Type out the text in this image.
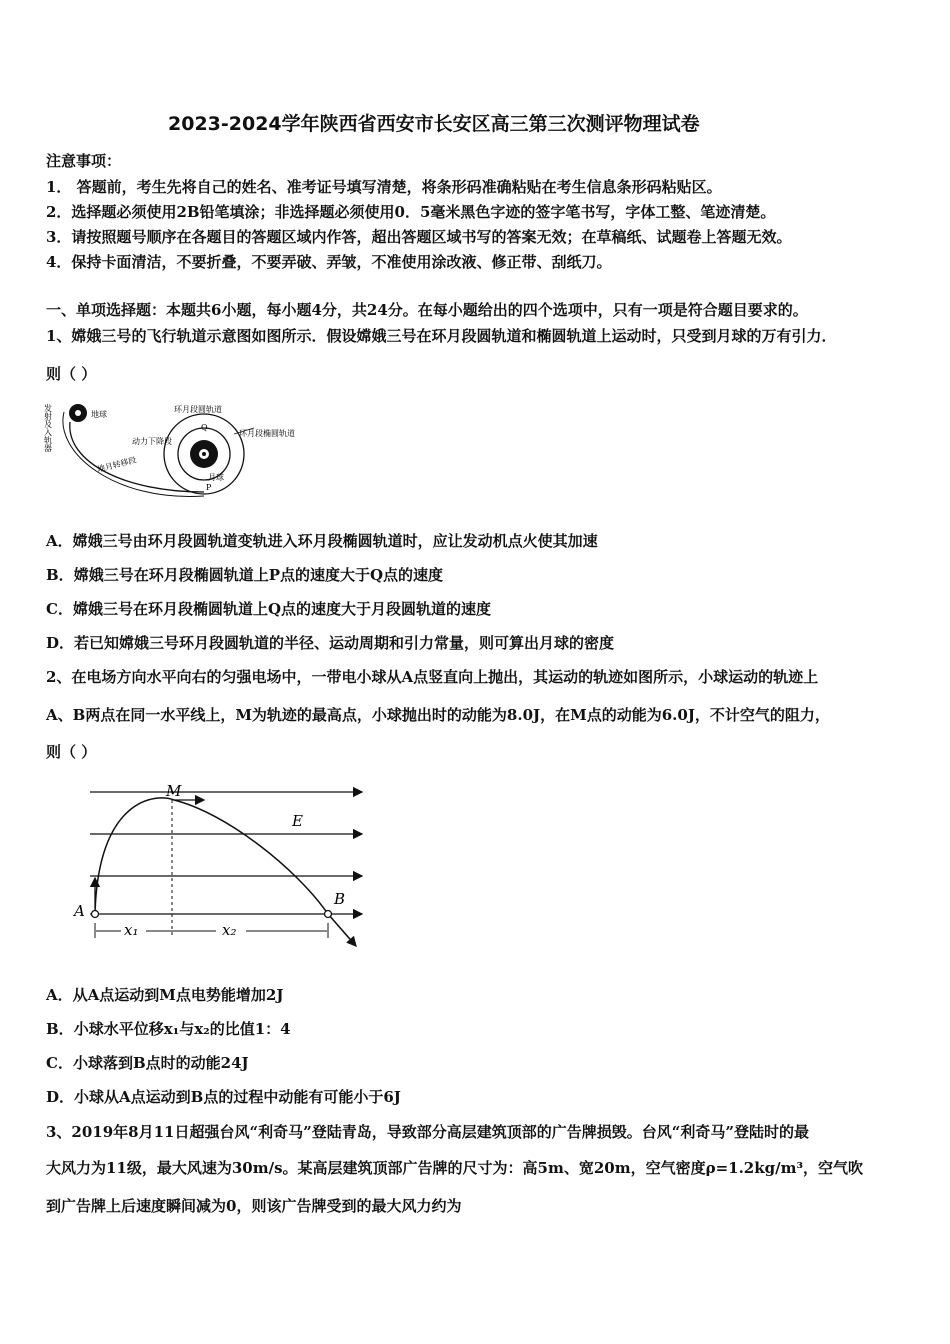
2023-2024学年陕西省西安市长安区高三第三次测评物理试卷
注意事项：
1． 答题前，考生先将自己的姓名、准考证号填写清楚，将条形码准确粘贴在考生信息条形码粘贴区。
2．选择题必须使用2B铅笔填涂；非选择题必须使用0．5毫米黑色字迹的签字笔书写，字体工整、笔迹清楚。
3．请按照题号顺序在各题目的答题区域内作答，超出答题区域书写的答案无效；在草稿纸、试题卷上答题无效。
4．保持卡面清洁，不要折叠，不要弄破、弄皱，不准使用涂改液、修正带、刮纸刀。
一、单项选择题：本题共6小题，每小题4分，共24分。在每小题给出的四个选项中，只有一项是符合题目要求的。
1、嫦娥三号的飞行轨道示意图如图所示．假设嫦娥三号在环月段圆轨道和椭圆轨道上运动时，只受到月球的万有引力．
则（ ）
发射及入轨器	地球
地月转移段
环月段圆轨道
Q
环月段椭圆轨道
动力下降段
月球
P
A．嫦娥三号由环月段圆轨道变轨进入环月段椭圆轨道时，应让发动机点火使其加速
B．嫦娥三号在环月段椭圆轨道上P点的速度大于Q点的速度
C．嫦娥三号在环月段椭圆轨道上Q点的速度大于月段圆轨道的速度
D．若已知嫦娥三号环月段圆轨道的半径、运动周期和引力常量，则可算出月球的密度
2、在电场方向水平向右的匀强电场中，一带电小球从A点竖直向上抛出，其运动的轨迹如图所示，小球运动的轨迹上
A、B两点在同一水平线上，M为轨迹的最高点，小球抛出时的动能为8.0J，在M点的动能为6.0J，不计空气的阻力，
则（ ）
M
E
A
B
x₁	x₂
A．从A点运动到M点电势能增加2J
B．小球水平位移x₁与x₂的比值1：4
C．小球落到B点时的动能24J
D．小球从A点运动到B点的过程中动能有可能小于6J
3、2019年8月11日超强台风“利奇马”登陆青岛，导致部分高层建筑顶部的广告牌损毁。台风“利奇马”登陆时的最
大风力为11级，最大风速为30m/s。某高层建筑顶部广告牌的尺寸为：高5m、宽20m，空气密度ρ=1.2kg/m³，空气吹
到广告牌上后速度瞬间减为0，则该广告牌受到的最大风力约为
